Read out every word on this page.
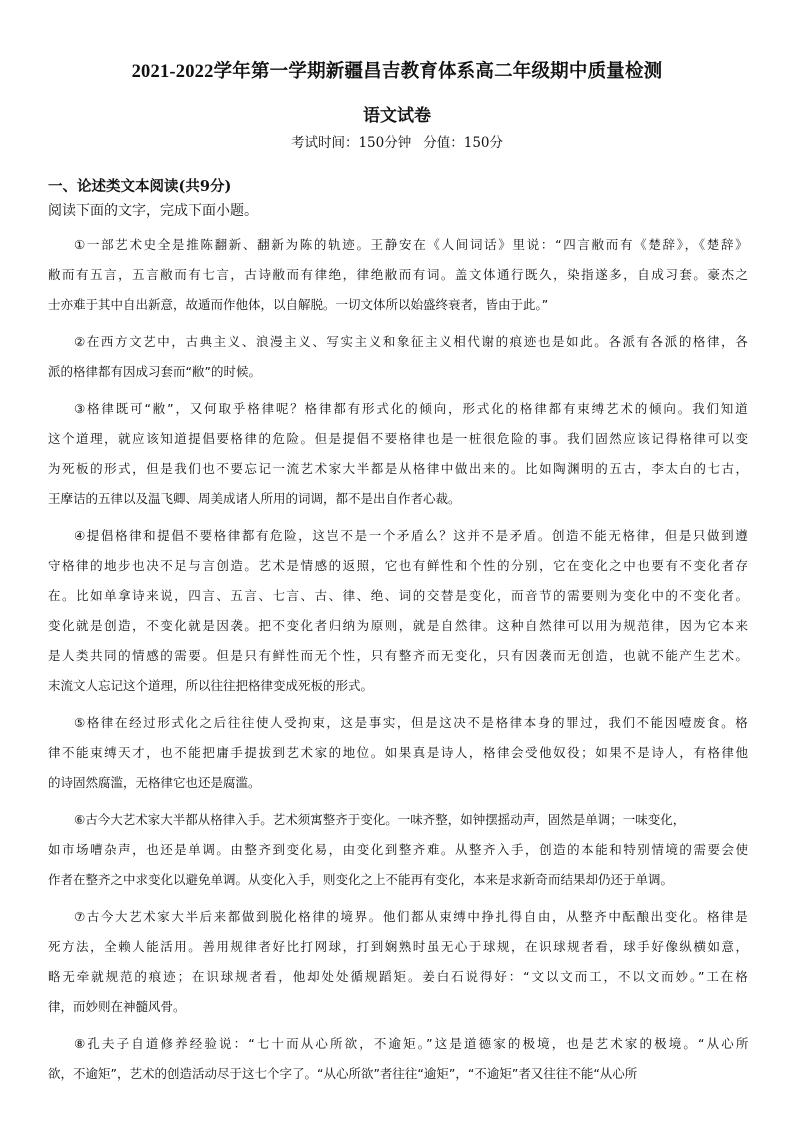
2021-2022学年第一学期新疆昌吉教育体系高二年级期中质量检测
语文试卷
考试时间：150分钟 分值：150分
一、论述类文本阅读(共9分)
阅读下面的文字，完成下面小题。
①一部艺术史全是推陈翻新、翻新为陈的轨迹。王静安在《人间词话》里说：“四言敝而有《楚辞》，《楚辞》
敝而有五言，五言敝而有七言，古诗敝而有律绝，律绝敝而有词。盖文体通行既久，染指遂多，自成习套。豪杰之
士亦难于其中自出新意，故遁而作他体，以自解脱。一切文体所以始盛终衰者，皆由于此。”
②在西方文艺中，古典主义、浪漫主义、写实主义和象征主义相代谢的痕迹也是如此。各派有各派的格律，各
派的格律都有因成习套而“敝”的时候。
③格律既可“敝”，又何取乎格律呢？格律都有形式化的倾向，形式化的格律都有束缚艺术的倾向。我们知道
这个道理，就应该知道提倡要格律的危险。但是提倡不要格律也是一桩很危险的事。我们固然应该记得格律可以变
为死板的形式，但是我们也不要忘记一流艺术家大半都是从格律中做出来的。比如陶渊明的五古，李太白的七古，
王摩诘的五律以及温飞卿、周美成诸人所用的词调，都不是出自作者心裁。
④提倡格律和提倡不要格律都有危险，这岂不是一个矛盾么？这并不是矛盾。创造不能无格律，但是只做到遵
守格律的地步也决不足与言创造。艺术是情感的返照，它也有鲜性和个性的分别，它在变化之中也要有不变化者存
在。比如单拿诗来说，四言、五言、七言、古、律、绝、词的交替是变化，而音节的需要则为变化中的不变化者。
变化就是创造，不变化就是因袭。把不变化者归纳为原则，就是自然律。这种自然律可以用为规范律，因为它本来
是人类共同的情感的需要。但是只有鲜性而无个性，只有整齐而无变化，只有因袭而无创造，也就不能产生艺术。
末流文人忘记这个道理，所以往往把格律变成死板的形式。
⑤格律在经过形式化之后往往使人受拘束，这是事实，但是这决不是格律本身的罪过，我们不能因噎废食。格
律不能束缚天才，也不能把庸手提拔到艺术家的地位。如果真是诗人，格律会受他奴役；如果不是诗人，有格律他
的诗固然腐滥，无格律它也还是腐滥。
⑥古今大艺术家大半都从格律入手。艺术须寓整齐于变化。一味齐整，如钟摆摇动声，固然是单调；一味变化，
如市场嘈杂声，也还是单调。由整齐到变化易，由变化到整齐难。从整齐入手，创造的本能和特别情境的需要会使
作者在整齐之中求变化以避免单调。从变化入手，则变化之上不能再有变化，本来是求新奇而结果却仍还于单调。
⑦古今大艺术家大半后来都做到脱化格律的境界。他们都从束缚中挣扎得自由，从整齐中酝酿出变化。格律是
死方法，全赖人能活用。善用规律者好比打网球，打到娴熟时虽无心于球规，在识球规者看，球手好像纵横如意，
略无牵就规范的痕迹；在识球规者看，他却处处循规蹈矩。姜白石说得好：“文以文而工，不以文而妙。”工在格
律，而妙则在神髓风骨。
⑧孔夫子自道修养经验说：“七十而从心所欲，不逾矩。”这是道德家的极境，也是艺术家的极境。“从心所
欲，不逾矩”，艺术的创造活动尽于这七个字了。“从心所欲”者往往“逾矩”，“不逾矩”者又往往不能“从心所
